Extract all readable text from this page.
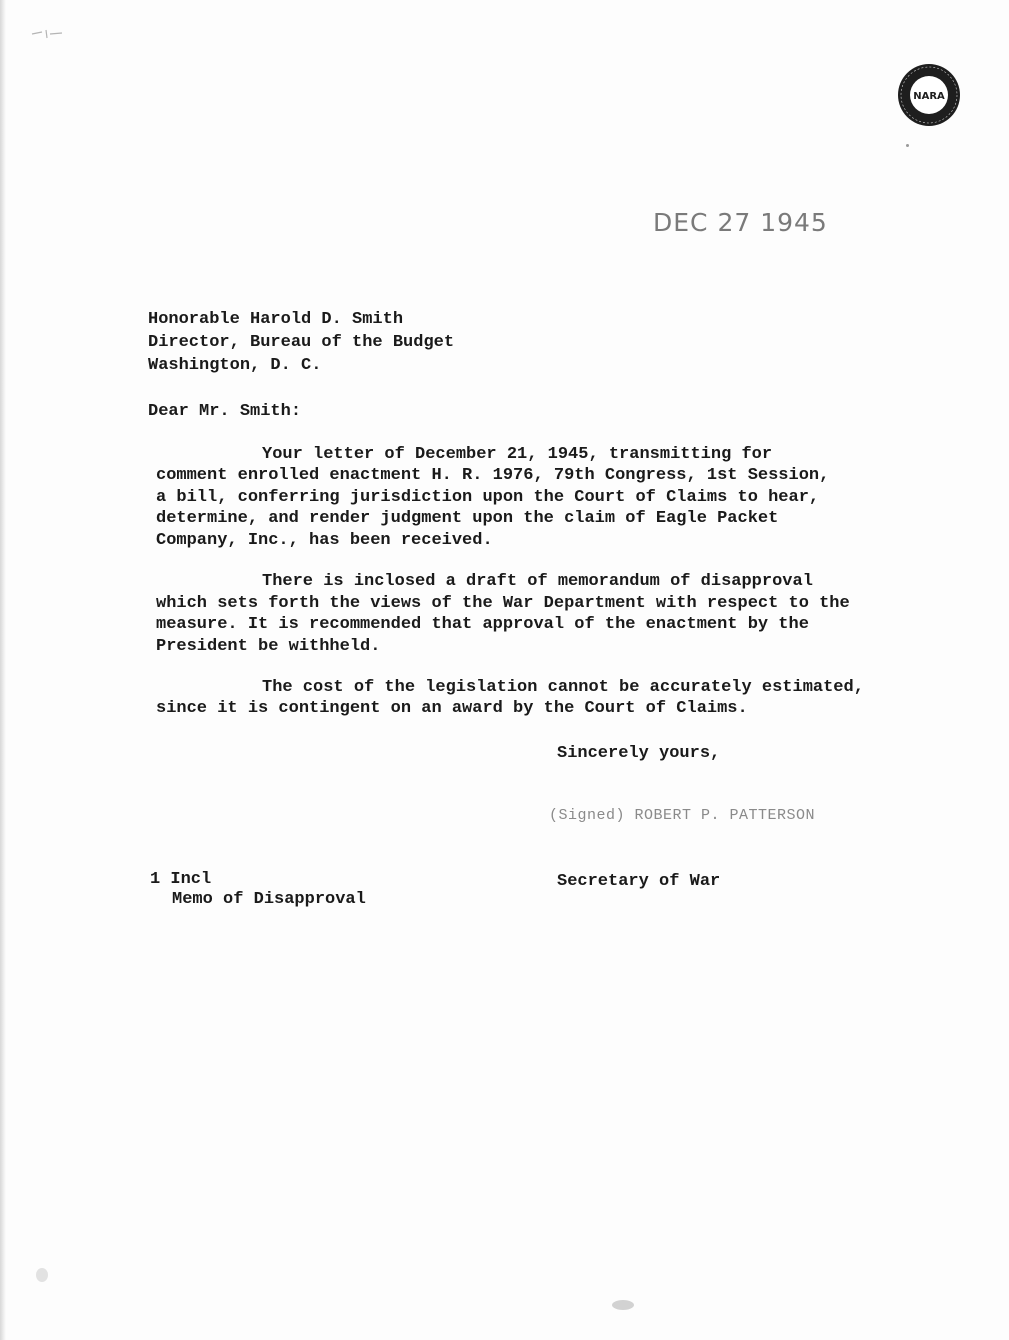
NARA
DEC 27 1945
Honorable Harold D. Smith
Director, Bureau of the Budget
Washington, D. C.
Dear Mr. Smith:
Your letter of December 21, 1945, transmitting for
comment enrolled enactment H. R. 1976, 79th Congress, 1st Session,
a bill, conferring jurisdiction upon the Court of Claims to hear,
determine, and render judgment upon the claim of Eagle Packet
Company, Inc., has been received.
There is inclosed a draft of memorandum of disapproval
which sets forth the views of the War Department with respect to the
measure. It is recommended that approval of the enactment by the
President be withheld.
The cost of the legislation cannot be accurately estimated,
since it is contingent on an award by the Court of Claims.
Sincerely yours,
(Signed) ROBERT P. PATTERSON
1 Incl	Secretary of War
Memo of Disapproval
